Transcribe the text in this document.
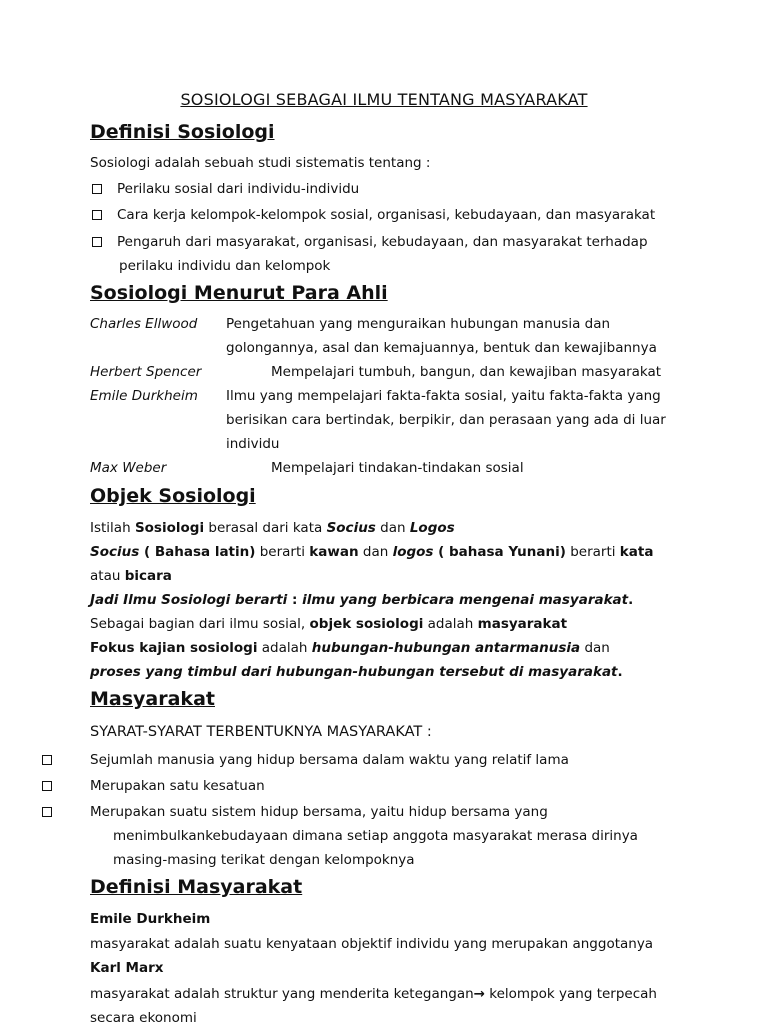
SOSIOLOGI SEBAGAI ILMU TENTANG MASYARAKAT
Definisi Sosiologi
Sosiologi adalah sebuah studi sistematis tentang :
Perilaku sosial dari individu-individu
Cara kerja kelompok-kelompok sosial, organisasi, kebudayaan, dan masyarakat
Pengaruh dari masyarakat, organisasi, kebudayaan, dan masyarakat terhadap
perilaku individu dan kelompok
Sosiologi Menurut Para Ahli
Charles Ellwood Pengetahuan yang menguraikan hubungan manusia dan
golongannya, asal dan kemajuannya, bentuk dan kewajibannya
Herbert Spencer	Mempelajari tumbuh, bangun, dan kewajiban masyarakat
Emile Durkheim Ilmu yang mempelajari fakta-fakta sosial, yaitu fakta-fakta yang
berisikan cara bertindak, berpikir, dan perasaan yang ada di luar
individu
Max Weber	Mempelajari tindakan-tindakan sosial
Objek Sosiologi
Istilah Sosiologi berasal dari kata Socius dan Logos
Socius ( Bahasa latin) berarti kawan dan logos ( bahasa Yunani) berarti kata
atau bicara
Jadi Ilmu Sosiologi berarti : ilmu yang berbicara mengenai masyarakat.
Sebagai bagian dari ilmu sosial, objek sosiologi adalah masyarakat
Fokus kajian sosiologi adalah hubungan-hubungan antarmanusia dan
proses yang timbul dari hubungan-hubungan tersebut di masyarakat.
Masyarakat
SYARAT-SYARAT TERBENTUKNYA MASYARAKAT :
Sejumlah manusia yang hidup bersama dalam waktu yang relatif lama
Merupakan satu kesatuan
Merupakan suatu sistem hidup bersama, yaitu hidup bersama yang
menimbulkankebudayaan dimana setiap anggota masyarakat merasa dirinya
masing-masing terikat dengan kelompoknya
Definisi Masyarakat
Emile Durkheim
masyarakat adalah suatu kenyataan objektif individu yang merupakan anggotanya
Karl Marx
masyarakat adalah struktur yang menderita ketegangan→ kelompok yang terpecah
secara ekonomi
